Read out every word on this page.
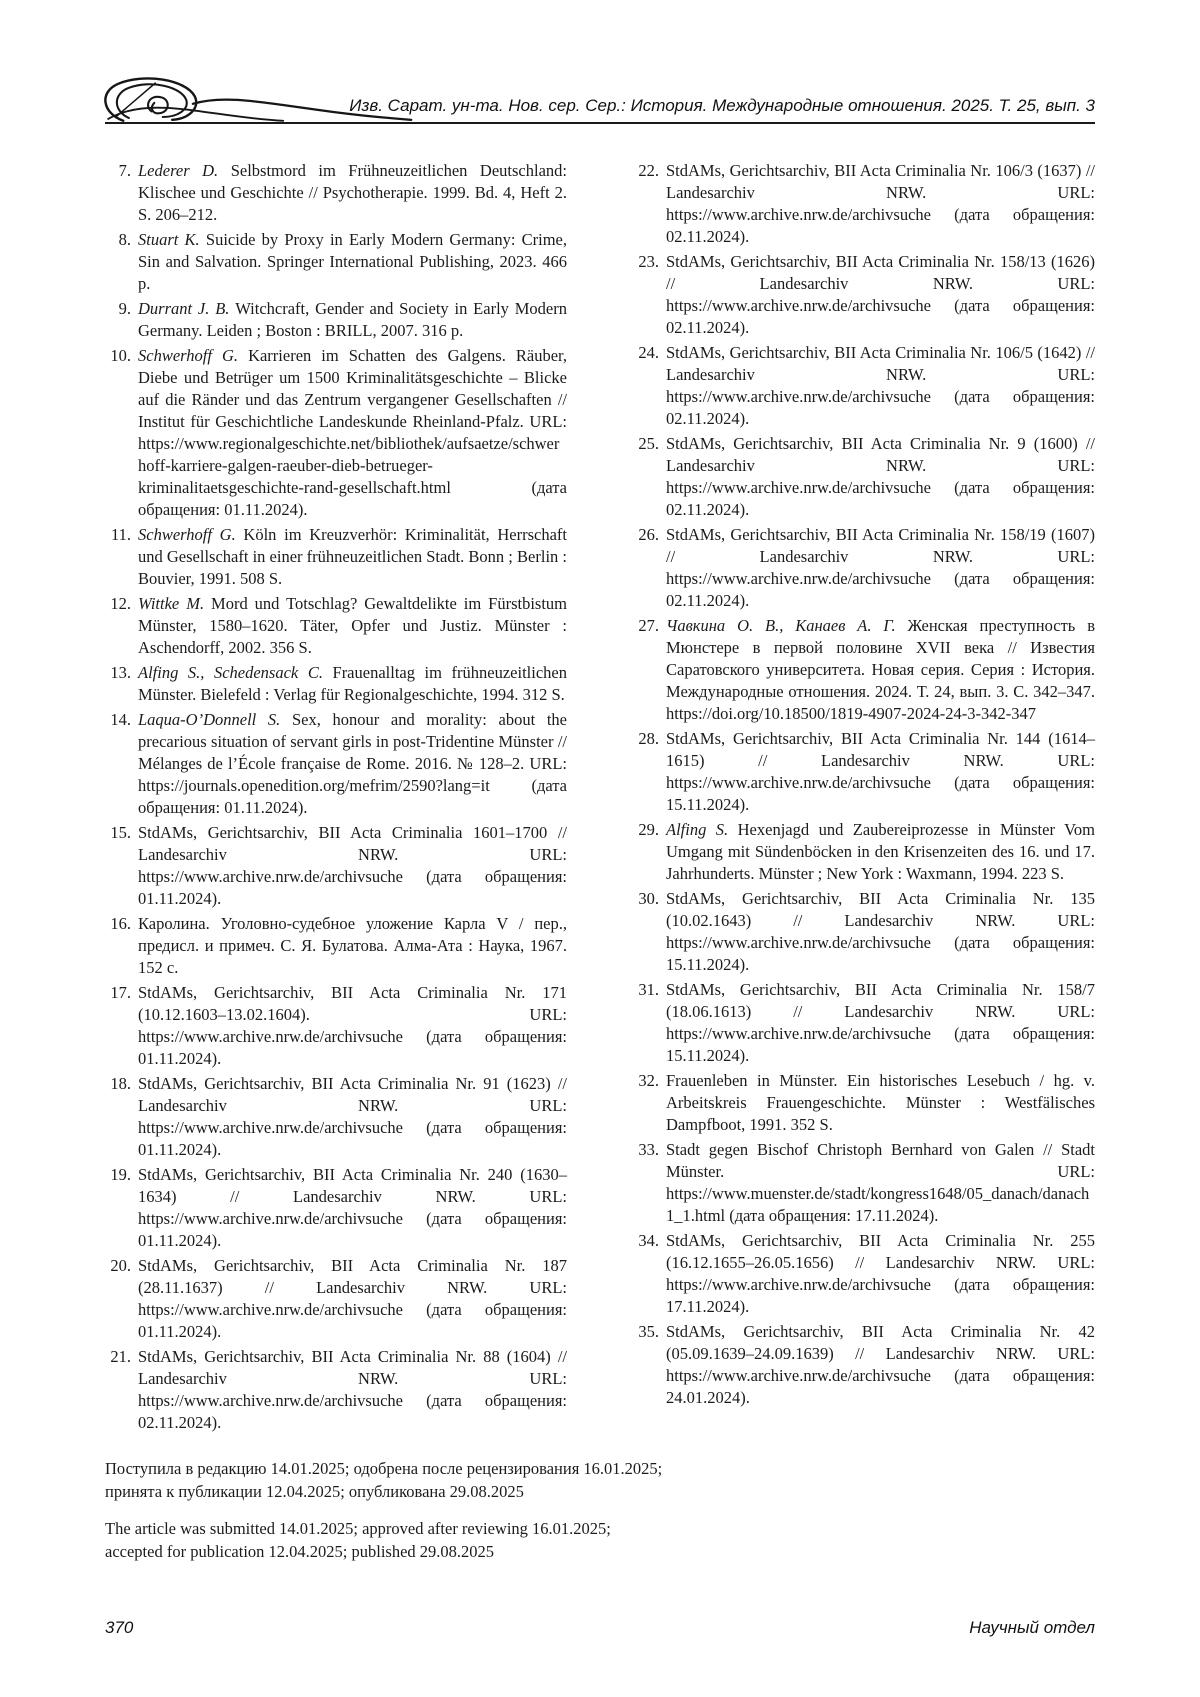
Изв. Сарат. ун-та. Нов. сер. Сер.: История. Международные отношения. 2025. Т. 25, вып. 3
7. Lederer D. Selbstmord im Frühneuzeitlichen Deutschland: Klischee und Geschichte // Psychotherapie. 1999. Bd. 4, Heft 2. S. 206–212.
8. Stuart K. Suicide by Proxy in Early Modern Germany: Crime, Sin and Salvation. Springer International Publishing, 2023. 466 p.
9. Durrant J. B. Witchcraft, Gender and Society in Early Modern Germany. Leiden ; Boston : BRILL, 2007. 316 p.
10. Schwerhoff G. Karrieren im Schatten des Galgens. Räuber, Diebe und Betrüger um 1500 Kriminalitätsgeschichte – Blicke auf die Ränder und das Zentrum vergangener Gesellschaften // Institut für Geschichtliche Landeskunde Rheinland-Pfalz. URL: https://www.regionalgeschichte.net/bibliothek/aufsaetze/schwerhoff-karriere-galgen-raeuber-dieb-betrueger-kriminalitaetsgeschichte-rand-gesellschaft.html (дата обращения: 01.11.2024).
11. Schwerhoff G. Köln im Kreuzverhör: Kriminalität, Herrschaft und Gesellschaft in einer frühneuzeitlichen Stadt. Bonn ; Berlin : Bouvier, 1991. 508 S.
12. Wittke M. Mord und Totschlag? Gewaltdelikte im Fürstbistum Münster, 1580–1620. Täter, Opfer und Justiz. Münster : Aschendorff, 2002. 356 S.
13. Alfing S., Schedensack C. Frauenalltag im frühneuzeitlichen Münster. Bielefeld : Verlag für Regionalgeschichte, 1994. 312 S.
14. Laqua-O’Donnell S. Sex, honour and morality: about the precarious situation of servant girls in post-Tridentine Münster // Mélanges de l’École française de Rome. 2016. № 128–2. URL: https://journals.openedition.org/mefrim/2590?lang=it (дата обращения: 01.11.2024).
15. StdAMs, Gerichtsarchiv, BII Acta Criminalia 1601–1700 // Landesarchiv NRW. URL: https://www.archive.nrw.de/archivsuche (дата обращения: 01.11.2024).
16. Каролина. Уголовно-судебное уложение Карла V / пер., предисл. и примеч. С. Я. Булатова. Алма-Ата : Наука, 1967. 152 с.
17. StdAMs, Gerichtsarchiv, BII Acta Criminalia Nr. 171 (10.12.1603–13.02.1604). URL: https://www.archive.nrw.de/archivsuche (дата обращения: 01.11.2024).
18. StdAMs, Gerichtsarchiv, BII Acta Criminalia Nr. 91 (1623) // Landesarchiv NRW. URL: https://www.archive.nrw.de/archivsuche (дата обращения: 01.11.2024).
19. StdAMs, Gerichtsarchiv, BII Acta Criminalia Nr. 240 (1630–1634) // Landesarchiv NRW. URL: https://www.archive.nrw.de/archivsuche (дата обращения: 01.11.2024).
20. StdAMs, Gerichtsarchiv, BII Acta Criminalia Nr. 187 (28.11.1637) // Landesarchiv NRW. URL: https://www.archive.nrw.de/archivsuche (дата обращения: 01.11.2024).
21. StdAMs, Gerichtsarchiv, BII Acta Criminalia Nr. 88 (1604) // Landesarchiv NRW. URL: https://www.archive.nrw.de/archivsuche (дата обращения: 02.11.2024).
22. StdAMs, Gerichtsarchiv, BII Acta Criminalia Nr. 106/3 (1637) // Landesarchiv NRW. URL: https://www.archive.nrw.de/archivsuche (дата обращения: 02.11.2024).
23. StdAMs, Gerichtsarchiv, BII Acta Criminalia Nr. 158/13 (1626) // Landesarchiv NRW. URL: https://www.archive.nrw.de/archivsuche (дата обращения: 02.11.2024).
24. StdAMs, Gerichtsarchiv, BII Acta Criminalia Nr. 106/5 (1642) // Landesarchiv NRW. URL: https://www.archive.nrw.de/archivsuche (дата обращения: 02.11.2024).
25. StdAMs, Gerichtsarchiv, BII Acta Criminalia Nr. 9 (1600) // Landesarchiv NRW. URL: https://www.archive.nrw.de/archivsuche (дата обращения: 02.11.2024).
26. StdAMs, Gerichtsarchiv, BII Acta Criminalia Nr. 158/19 (1607) // Landesarchiv NRW. URL: https://www.archive.nrw.de/archivsuche (дата обращения: 02.11.2024).
27. Чавкина О. В., Канаев А. Г. Женская преступность в Мюнстере в первой половине XVII века // Известия Саратовского университета. Новая серия. Серия : История. Международные отношения. 2024. Т. 24, вып. 3. С. 342–347. https://doi.org/10.18500/1819-4907-2024-24-3-342-347
28. StdAMs, Gerichtsarchiv, BII Acta Criminalia Nr. 144 (1614–1615) // Landesarchiv NRW. URL: https://www.archive.nrw.de/archivsuche (дата обращения: 15.11.2024).
29. Alfing S. Hexenjagd und Zaubereiprozesse in Münster Vom Umgang mit Sündenböcken in den Krisenzeiten des 16. und 17. Jahrhunderts. Münster ; New York : Waxmann, 1994. 223 S.
30. StdAMs, Gerichtsarchiv, BII Acta Criminalia Nr. 135 (10.02.1643) // Landesarchiv NRW. URL: https://www.archive.nrw.de/archivsuche (дата обращения: 15.11.2024).
31. StdAMs, Gerichtsarchiv, BII Acta Criminalia Nr. 158/7 (18.06.1613) // Landesarchiv NRW. URL: https://www.archive.nrw.de/archivsuche (дата обращения: 15.11.2024).
32. Frauenleben in Münster. Ein historisches Lesebuch / hg. v. Arbeitskreis Frauengeschichte. Münster : Westfälisches Dampfboot, 1991. 352 S.
33. Stadt gegen Bischof Christoph Bernhard von Galen // Stadt Münster. URL: https://www.muenster.de/stadt/kongress1648/05_danach/danach1_1.html (дата обращения: 17.11.2024).
34. StdAMs, Gerichtsarchiv, BII Acta Criminalia Nr. 255 (16.12.1655–26.05.1656) // Landesarchiv NRW. URL: https://www.archive.nrw.de/archivsuche (дата обращения: 17.11.2024).
35. StdAMs, Gerichtsarchiv, BII Acta Criminalia Nr. 42 (05.09.1639–24.09.1639) // Landesarchiv NRW. URL: https://www.archive.nrw.de/archivsuche (дата обращения: 24.01.2024).
Поступила в редакцию 14.01.2025; одобрена после рецензирования 16.01.2025;
принята к публикации 12.04.2025; опубликована 29.08.2025
The article was submitted 14.01.2025; approved after reviewing 16.01.2025;
accepted for publication 12.04.2025; published 29.08.2025
370	Научный отдел
